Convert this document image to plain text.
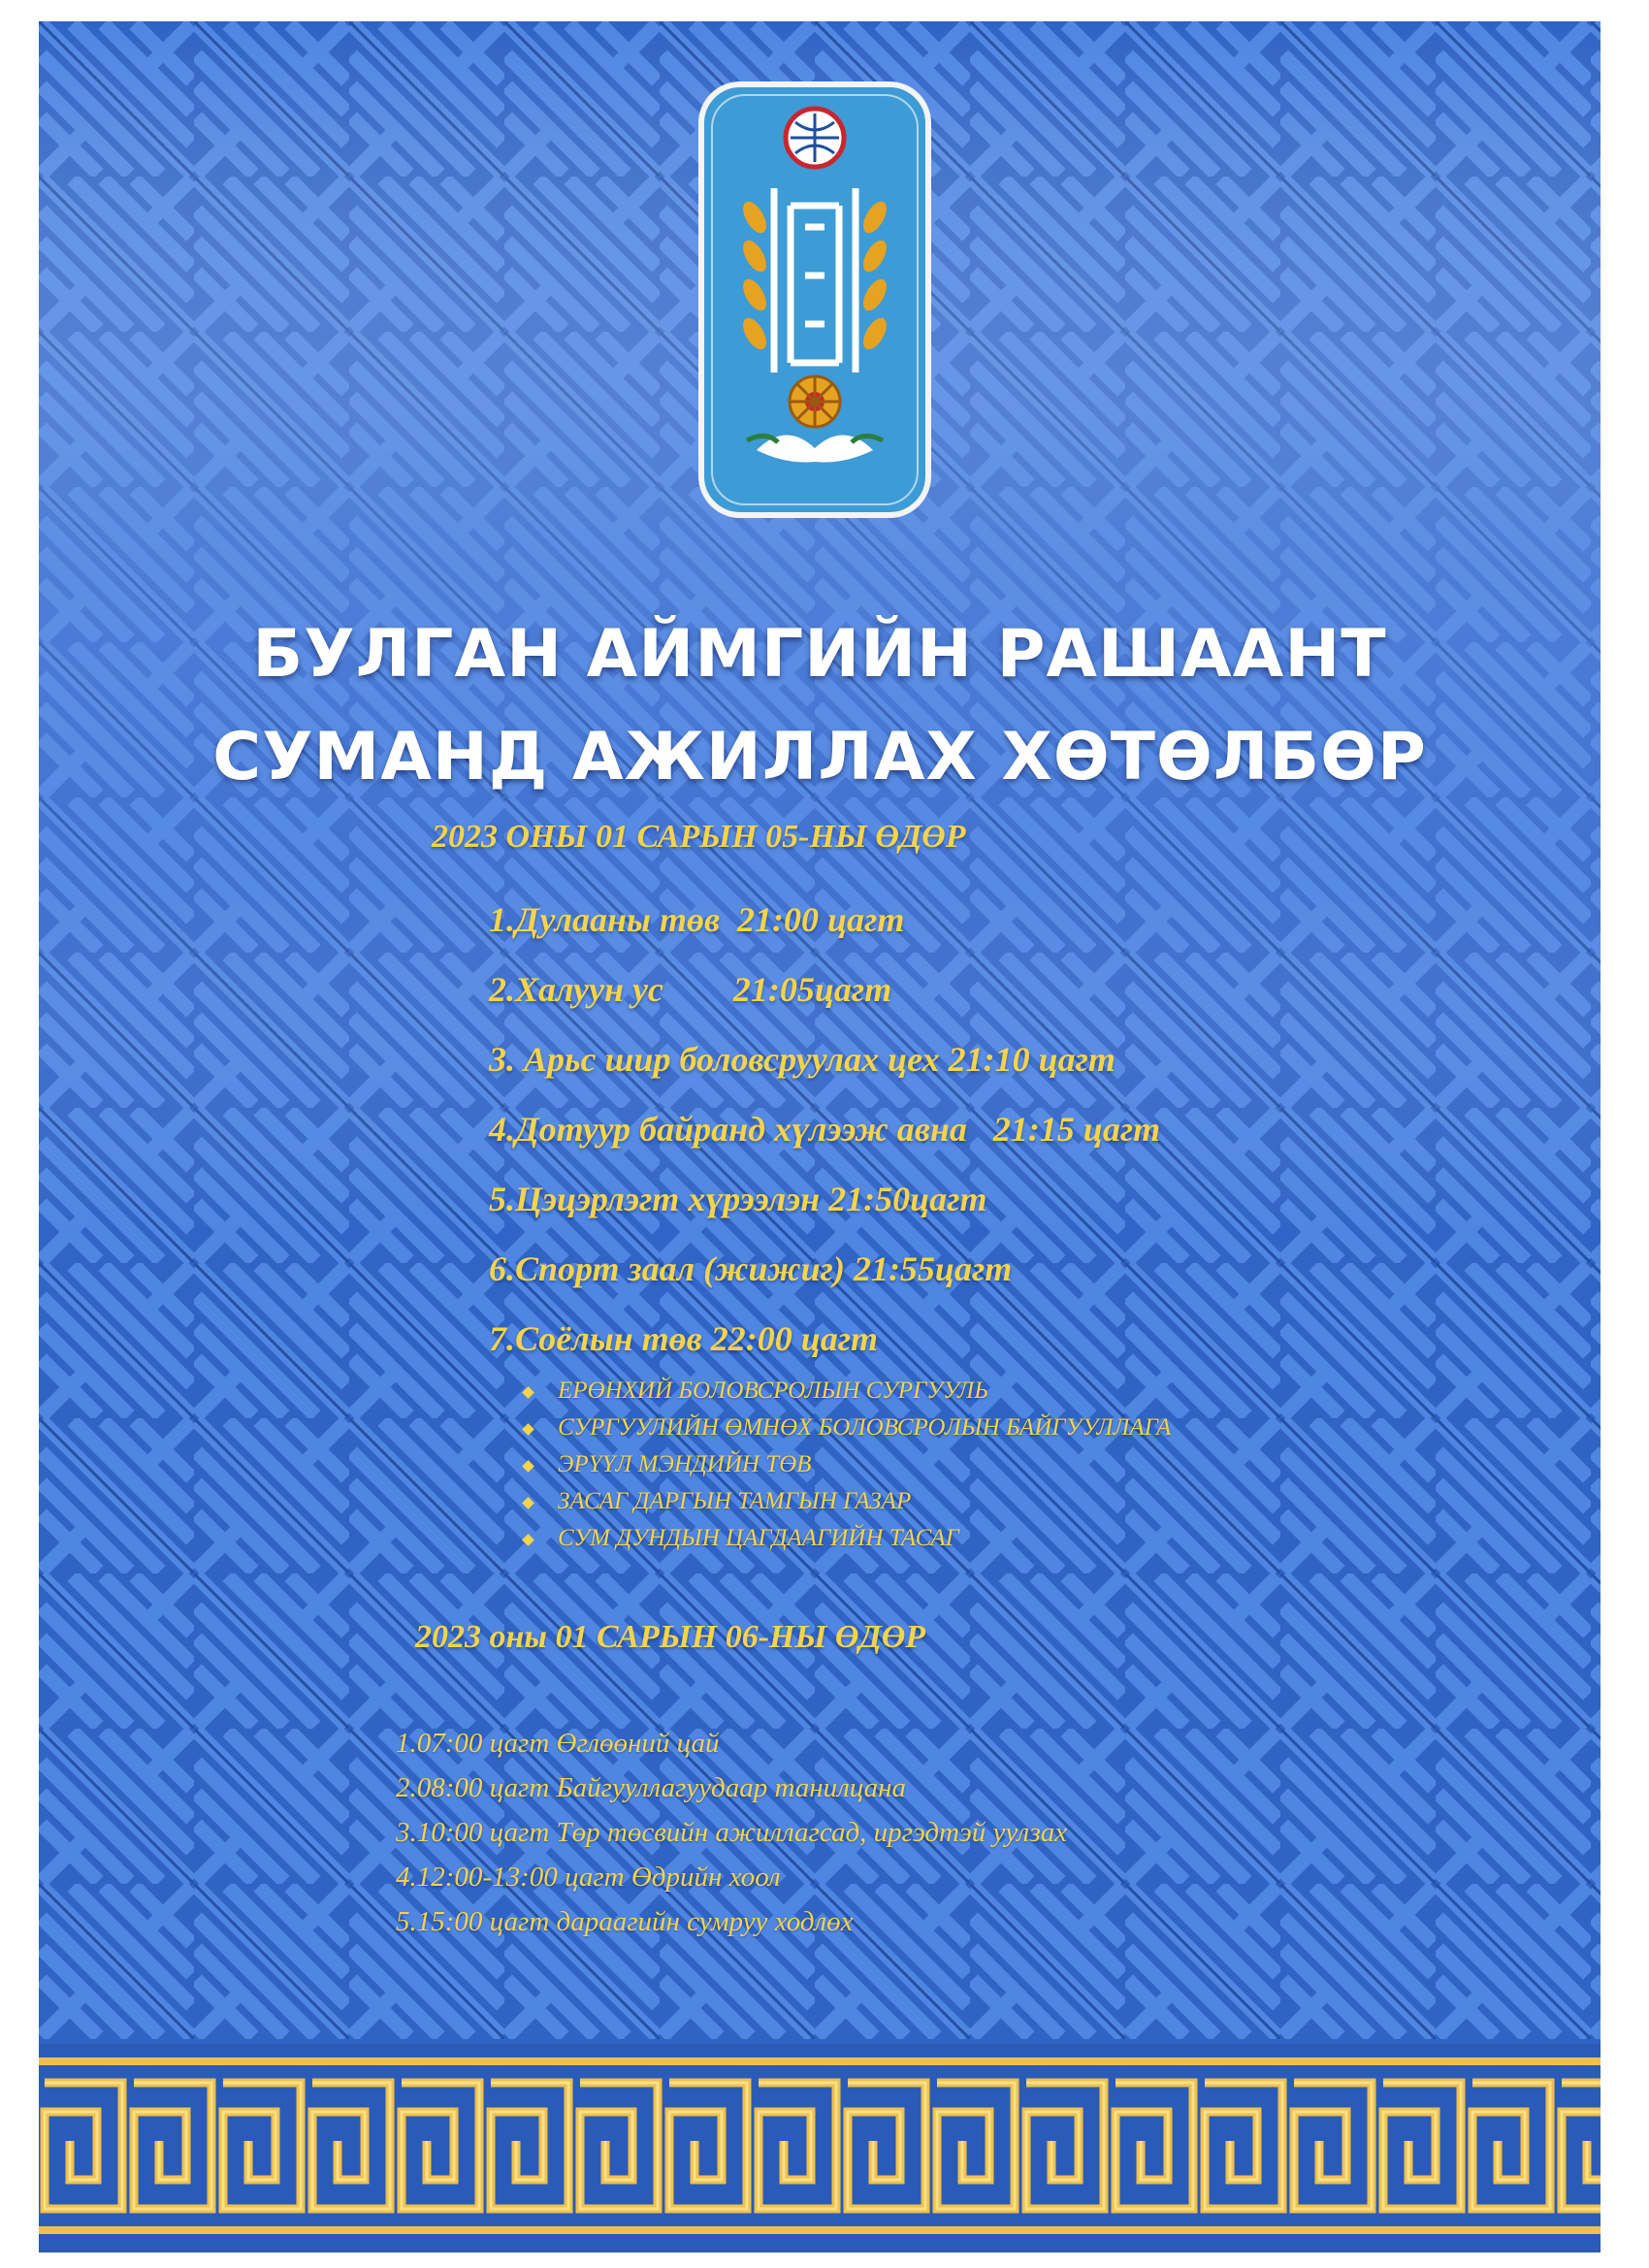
БУЛГАН АЙМГИЙН РАШААНТ
СУМАНД АЖИЛЛАХ ХӨТӨЛБӨР
2023 ОНЫ 01 САРЫН 05-НЫ ӨДӨР
1.Дулааны төв  21:00 цагт
2.Халуун ус        21:05цагт
3. Арьс шир боловсруулах цех 21:10 цагт
4.Дотуур байранд хүлээж авна   21:15 цагт
5.Цэцэрлэгт хүрээлэн 21:50цагт
6.Спорт заал (жижиг) 21:55цагт
7.Соёлын төв 22:00 цагт
ЕРӨНХИЙ БОЛОВСРОЛЫН СУРГУУЛЬ
СУРГУУЛИЙН ӨМНӨХ БОЛОВСРОЛЫН БАЙГУУЛЛАГА
ЭРҮҮЛ МЭНДИЙН ТӨВ
ЗАСАГ ДАРГЫН ТАМГЫН ГАЗАР
СУМ ДУНДЫН ЦАГДААГИЙН ТАСАГ
2023 оны 01 САРЫН 06-НЫ ӨДӨР
1.07:00 цагт Өглөөний цай
2.08:00 цагт Байгууллагуудаар танилцана
3.10:00 цагт Төр төсвийн ажиллагсад, иргэдтэй уулзах
4.12:00-13:00 цагт Өдрийн хоол
5.15:00 цагт дараагийн сумруу ходлөх
